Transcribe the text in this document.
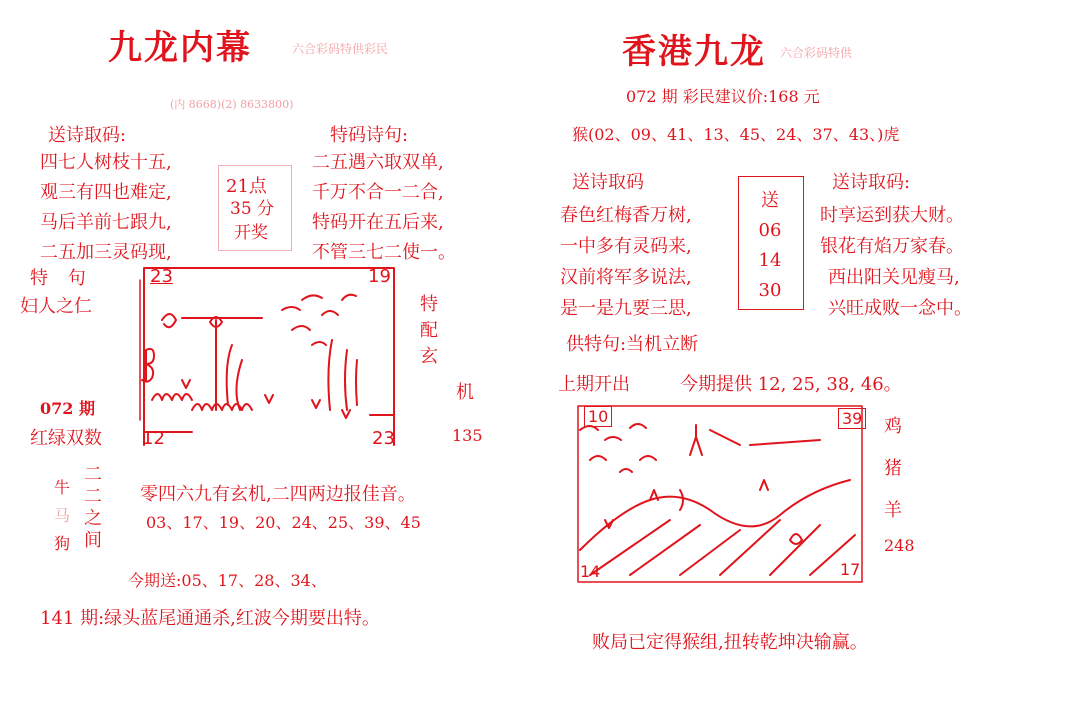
九龙内幕	六合彩码特供彩民
(内 8668)(2) 8633800)
送诗取码:	特码诗句:
四七人树枝十五,
观三有四也难定,
马后羊前七跟九,
二五加三灵码现,
二五遇六取双单,
千万不合一二合,
特码开在五后来,
不管三七二使一。
21点
35 分
开奖
特 句
妇人之仁
072 期
红绿双数
23	19
12	23
特
配
玄
机
135
牛
马
狗
二
二
之
间
零四六九有玄机,二四两边报佳音。
03、17、19、20、24、25、39、45
今期送:05、17、28、34、
141 期:绿头蓝尾通通杀,红波今期要出特。
香港九龙 六合彩码特供
072 期 彩民建议价:168 元
猴(02、09、41、13、45、24、37、43、)虎
送诗取码	送诗取码:
春色红梅香万树,
一中多有灵码来,
汉前将军多说法,
是一是九要三思,
时享运到获大财。
银花有焰万家春。
西出阳关见瘦马,
兴旺成败一念中。
送
06
14
30
供特句:当机立断
上期开出	今期提供 12, 25, 38, 46。
10	39
14	17
鸡
猪
羊
248
败局已定得猴组,扭转乾坤决输赢。
